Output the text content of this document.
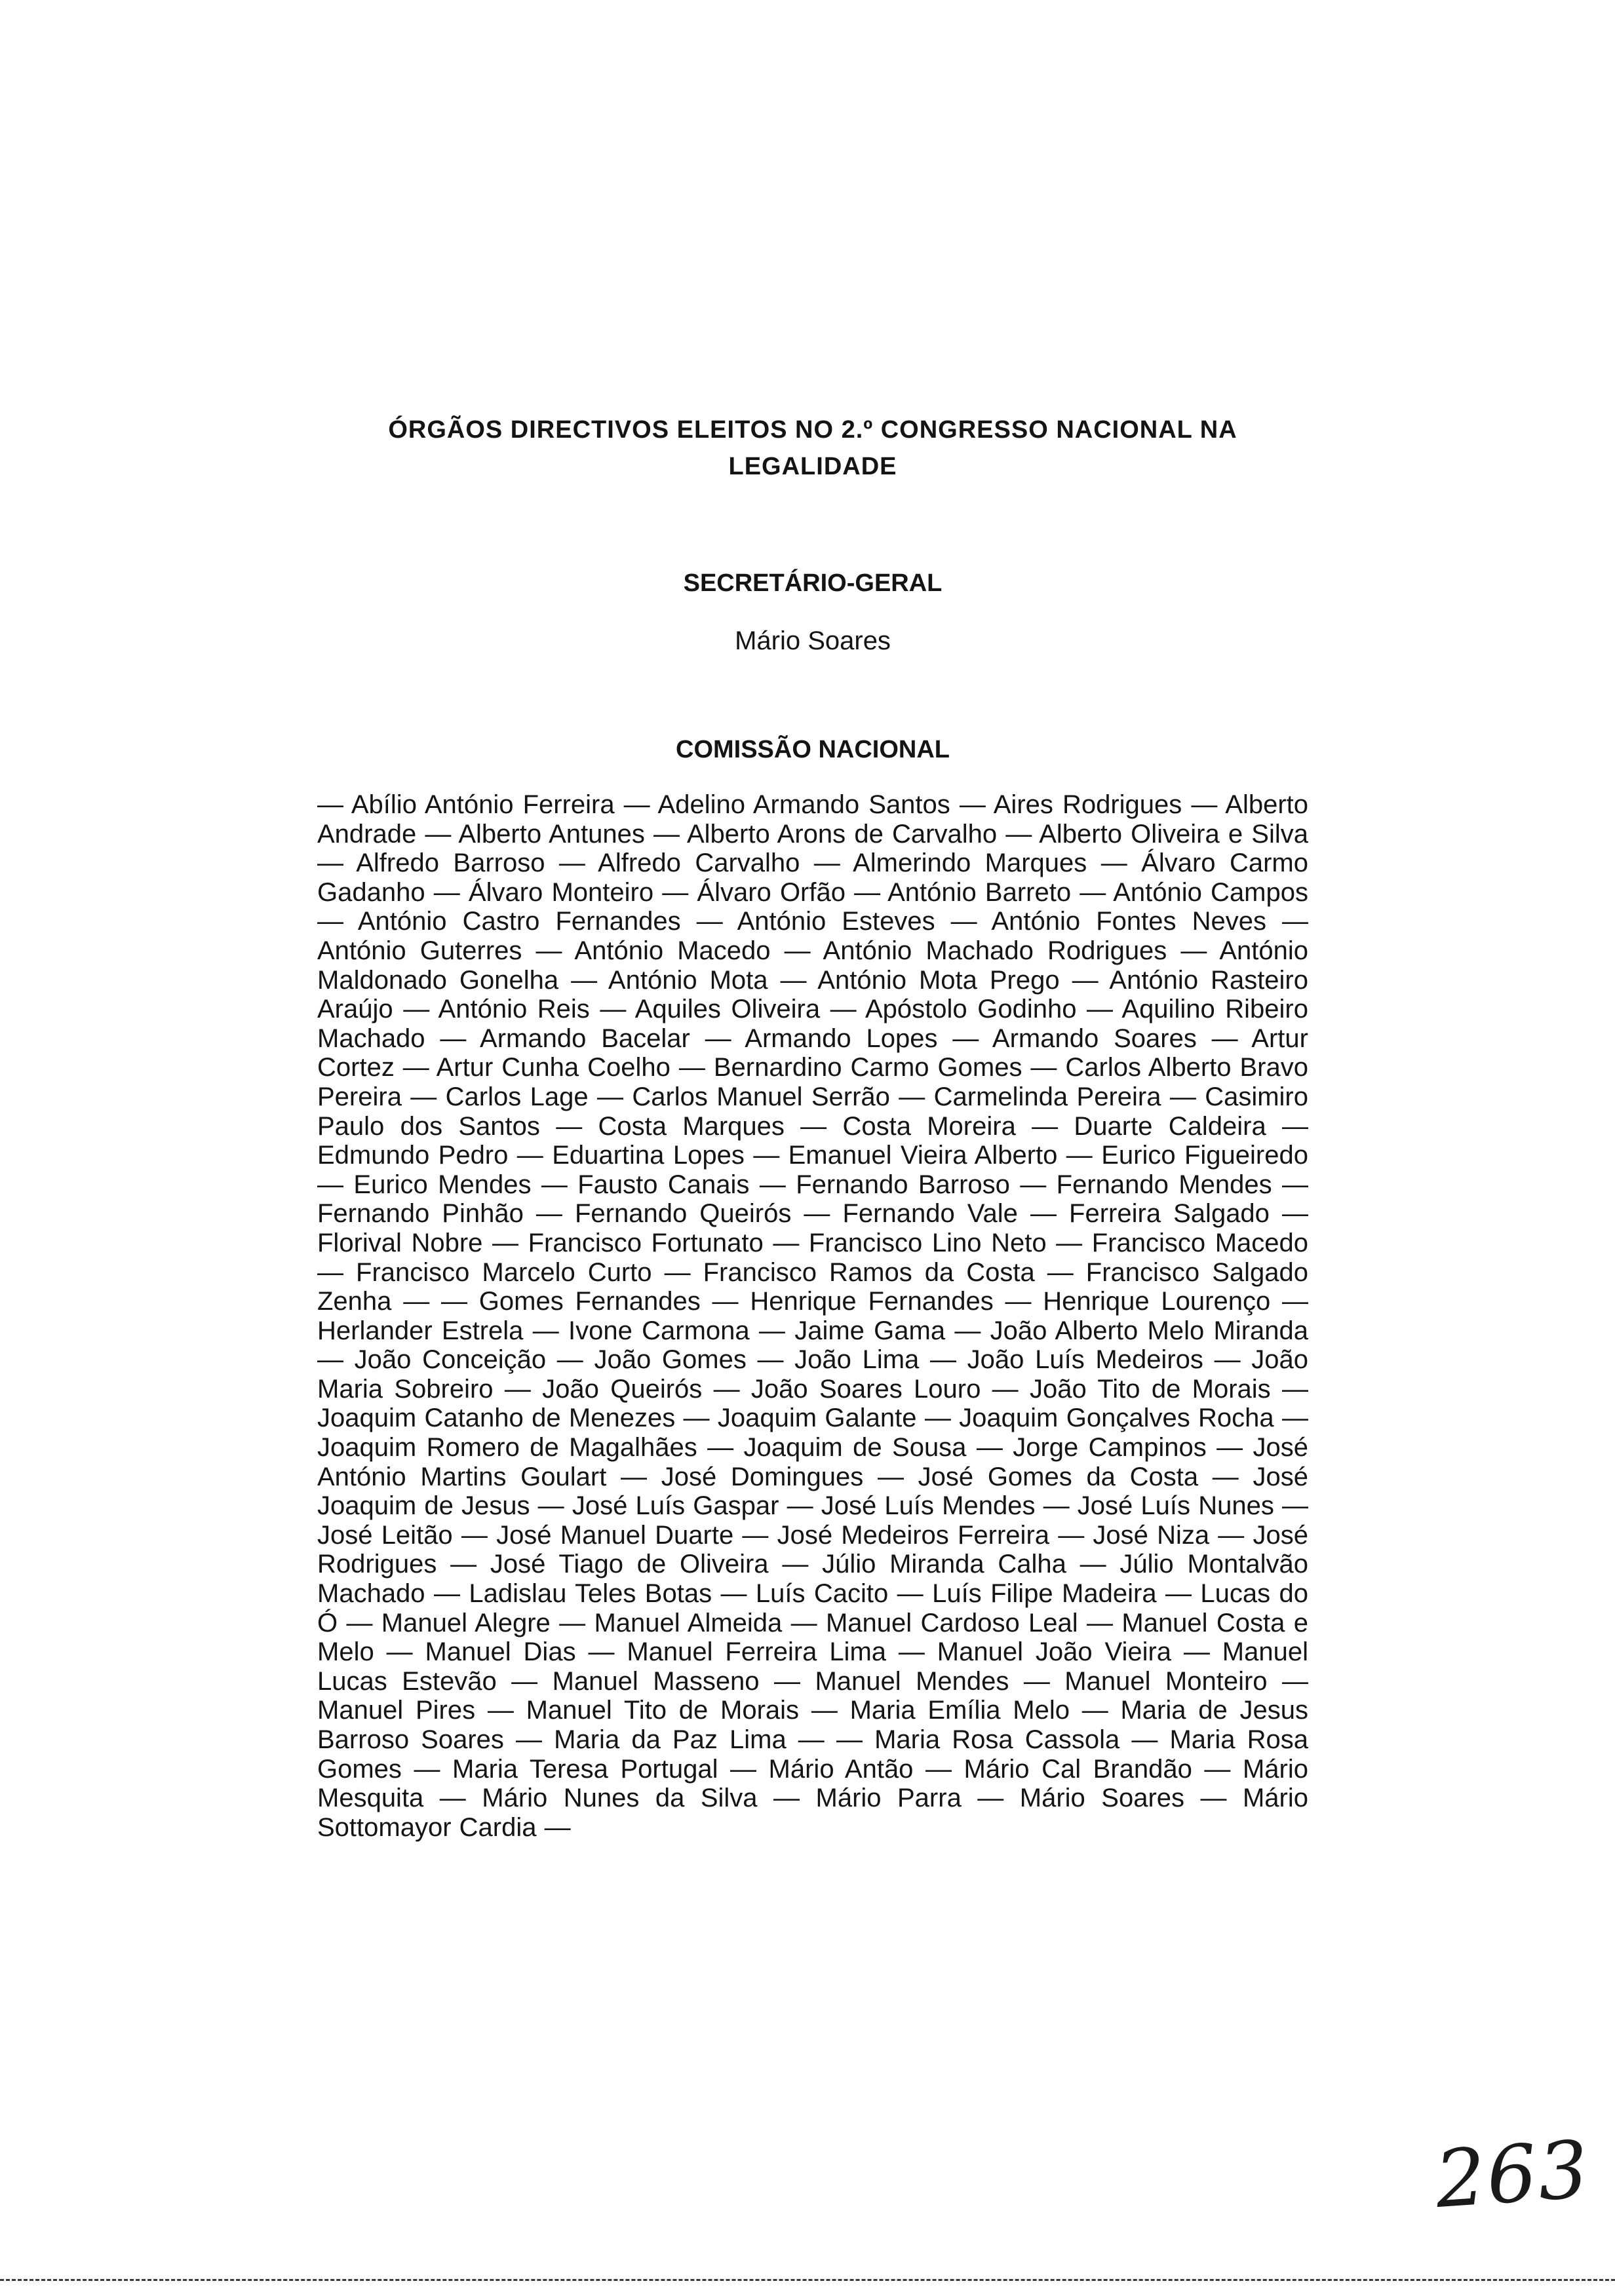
ÓRGÃOS DIRECTIVOS ELEITOS NO 2.º CONGRESSO NACIONAL NA LEGALIDADE
SECRETÁRIO-GERAL
Mário Soares
COMISSÃO NACIONAL
— Abílio António Ferreira — Adelino Armando Santos — Aires Rodrigues — Alberto Andrade — Alberto Antunes — Alberto Arons de Carvalho — Alberto Oliveira e Silva — Alfredo Barroso — Alfredo Carvalho — Almerindo Marques — Álvaro Carmo Gadanho — Álvaro Monteiro — Álvaro Orfão — António Barreto — António Campos — António Castro Fernandes — António Esteves — António Fontes Neves — António Guterres — António Macedo — António Machado Rodrigues — António Maldonado Gonelha — António Mota — António Mota Prego — António Rasteiro Araújo — António Reis — Aquiles Oliveira — Apóstolo Godinho — Aquilino Ribeiro Machado — Armando Bacelar — Armando Lopes — Armando Soares — Artur Cortez — Artur Cunha Coelho — Bernardino Carmo Gomes — Carlos Alberto Bravo Pereira — Carlos Lage — Carlos Manuel Serrão — Carmelinda Pereira — Casimiro Paulo dos Santos — Costa Marques — Costa Moreira — Duarte Caldeira — Edmundo Pedro — Eduartina Lopes — Emanuel Vieira Alberto — Eurico Figueiredo — Eurico Mendes — Fausto Canais — Fernando Barroso — Fernando Mendes — Fernando Pinhão — Fernando Queirós — Fernando Vale — Ferreira Salgado — Florival Nobre — Francisco Fortunato — Francisco Lino Neto — Francisco Macedo — Francisco Marcelo Curto — Francisco Ramos da Costa — Francisco Salgado Zenha — — Gomes Fernandes — Henrique Fernandes — Henrique Lourenço — Herlander Estrela — Ivone Carmona — Jaime Gama — João Alberto Melo Miranda — João Conceição — João Gomes — João Lima — João Luís Medeiros — João Maria Sobreiro — João Queirós — João Soares Louro — João Tito de Morais — Joaquim Catanho de Menezes — Joaquim Galante — Joaquim Gonçalves Rocha — Joaquim Romero de Magalhães — Joaquim de Sousa — Jorge Campinos — José António Martins Goulart — José Domingues — José Gomes da Costa — José Joaquim de Jesus — José Luís Gaspar — José Luís Mendes — José Luís Nunes — José Leitão — José Manuel Duarte — José Medeiros Ferreira — José Niza — José Rodrigues — José Tiago de Oliveira — Júlio Miranda Calha — Júlio Montalvão Machado — Ladislau Teles Botas — Luís Cacito — Luís Filipe Madeira — Lucas do Ó — Manuel Alegre — Manuel Almeida — Manuel Cardoso Leal — Manuel Costa e Melo — Manuel Dias — Manuel Ferreira Lima — Manuel João Vieira — Manuel Lucas Estevão — Manuel Masseno — Manuel Mendes — Manuel Monteiro — Manuel Pires — Manuel Tito de Morais — Maria Emília Melo — Maria de Jesus Barroso Soares — Maria da Paz Lima — — Maria Rosa Cassola — Maria Rosa Gomes — Maria Teresa Portugal — Mário Antão — Mário Cal Brandão — Mário Mesquita — Mário Nunes da Silva — Mário Parra — Mário Soares — Mário Sottomayor Cardia —
263
